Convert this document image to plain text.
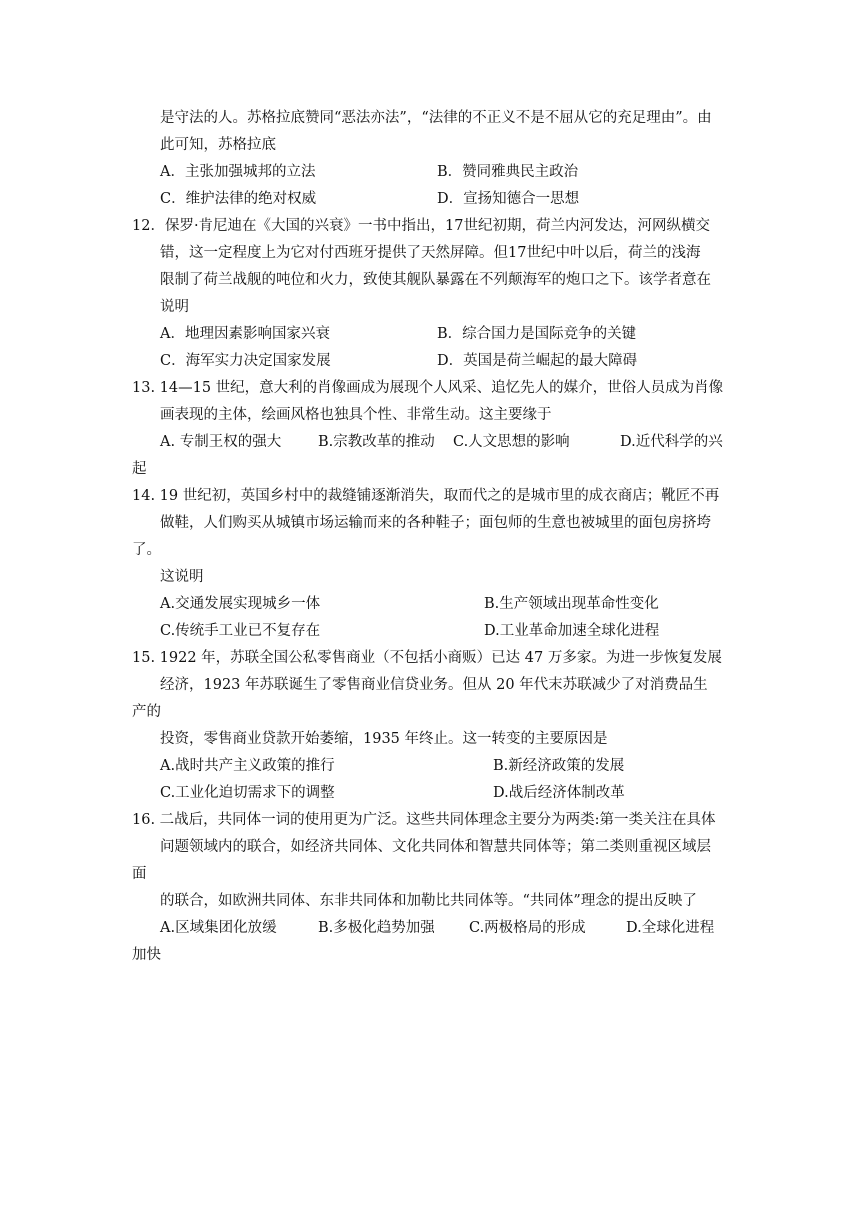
是守法的人。苏格拉底赞同“恶法亦法”，“法律的不正义不是不屈从它的充足理由”。由
此可知，苏格拉底
A．主张加强城邦的立法	B．赞同雅典民主政治
C．维护法律的绝对权威	D．宣扬知德合一思想
12．保罗·肯尼迪在《大国的兴衰》一书中指出，17世纪初期，荷兰内河发达，河网纵横交
错，这一定程度上为它对付西班牙提供了天然屏障。但17世纪中叶以后，荷兰的浅海
限制了荷兰战舰的吨位和火力，致使其舰队暴露在不列颠海军的炮口之下。该学者意在
说明
A．地理因素影响国家兴衰	B．综合国力是国际竞争的关键
C．海军实力决定国家发展	D．英国是荷兰崛起的最大障碍
13. 14—15 世纪，意大利的肖像画成为展现个人风采、追忆先人的媒介，世俗人员成为肖像
画表现的主体，绘画风格也独具个性、非常生动。这主要缘于
A. 专制王权的强大	B.宗教改革的推动 C.人文思想的影响	D.近代科学的兴
起
14. 19 世纪初，英国乡村中的裁缝铺逐渐消失，取而代之的是城市里的成衣商店；靴匠不再
做鞋，人们购买从城镇市场运输而来的各种鞋子；面包师的生意也被城里的面包房挤垮
了。
这说明
A.交通发展实现城乡一体	B.生产领域出现革命性变化
C.传统手工业已不复存在	D.工业革命加速全球化进程
15. 1922 年，苏联全国公私零售商业（不包括小商贩）已达 47 万多家。为进一步恢复发展
经济，1923 年苏联诞生了零售商业信贷业务。但从 20 年代末苏联减少了对消费品生
产的
投资，零售商业贷款开始萎缩，1935 年终止。这一转变的主要原因是
A.战时共产主义政策的推行	B.新经济政策的发展
C.工业化迫切需求下的调整	D.战后经济体制改革
16. 二战后，共同体一词的使用更为广泛。这些共同体理念主要分为两类:第一类关注在具体
问题领域内的联合，如经济共同体、文化共同体和智慧共同体等；第二类则重视区域层
面
的联合，如欧洲共同体、东非共同体和加勒比共同体等。“共同体”理念的提出反映了
A.区域集团化放缓	B.多极化趋势加强 C.两极格局的形成	D.全球化进程
加快
